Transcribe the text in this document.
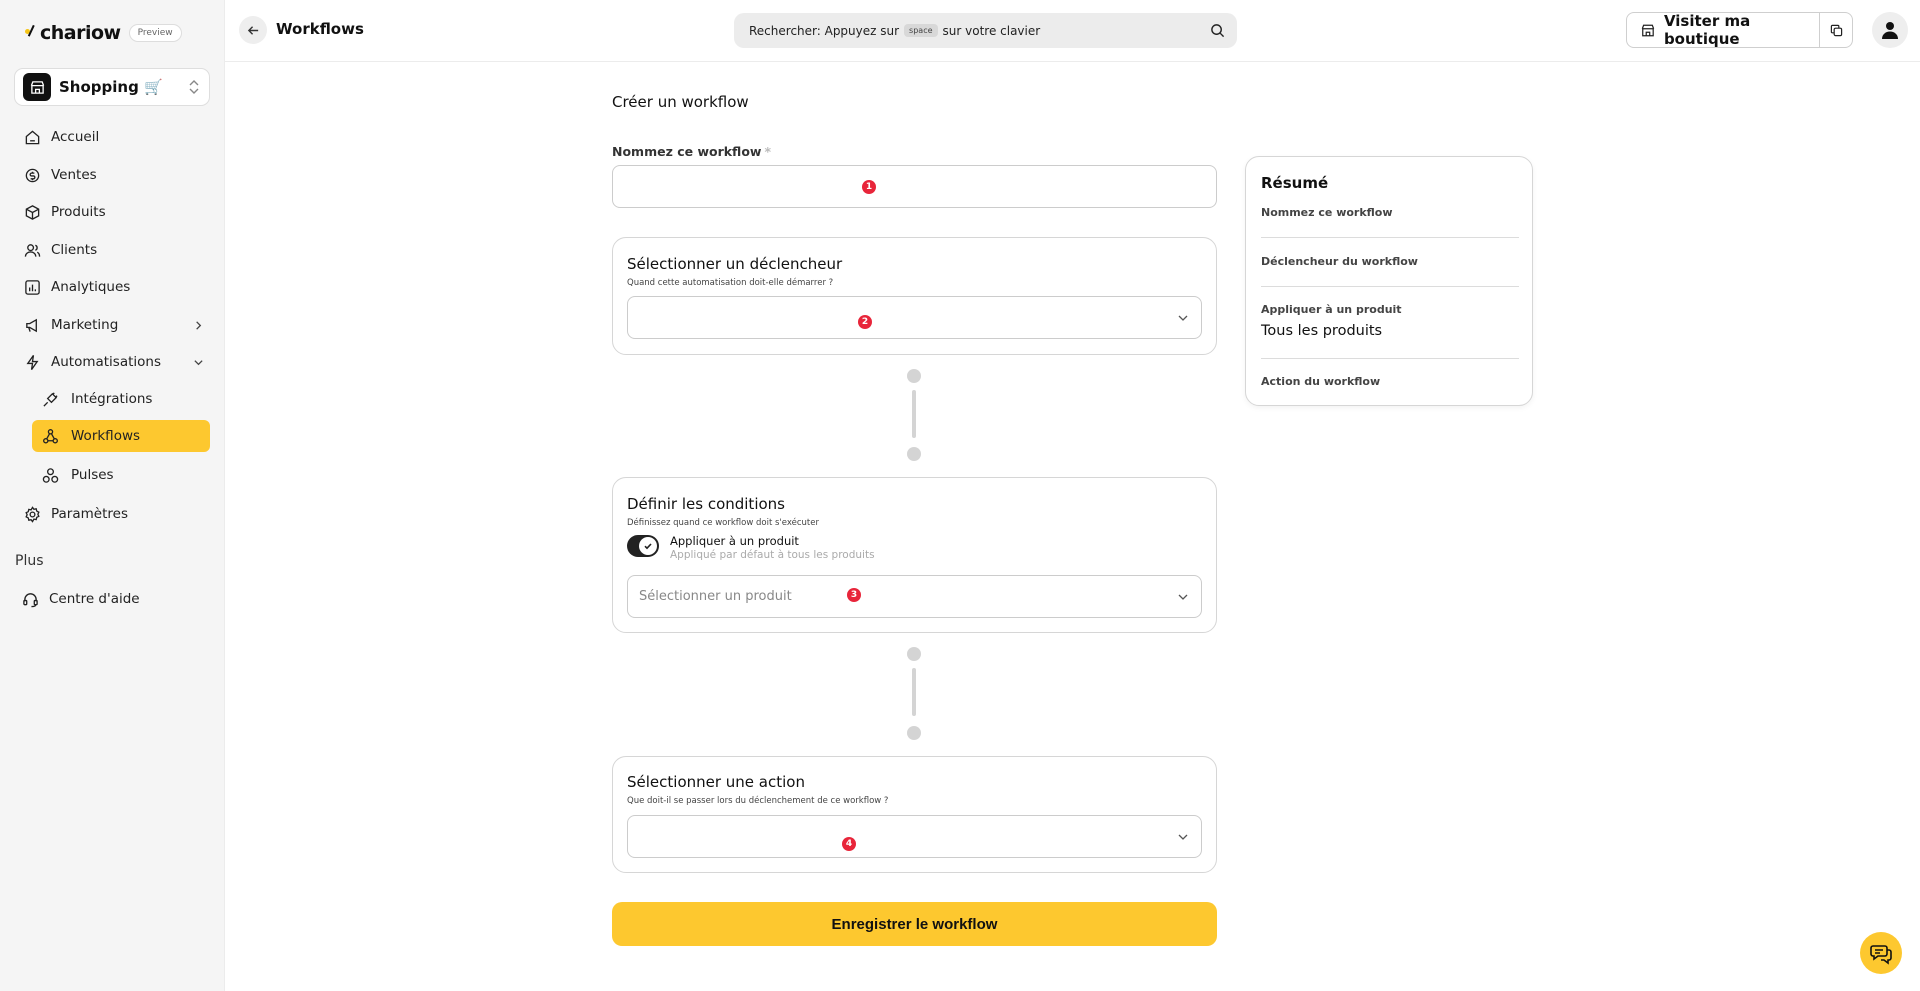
chariow	Preview
Shopping 🛒
Accueil
Ventes
Produits
Clients
Analytiques
Marketing
Automatisations
Intégrations
Workflows
Pulses
Paramètres
Plus
Centre d'aide
Workflows	Rechercher: Appuyez sur	space sur votre clavier
Visiter ma boutique
Créer un workflow
Nommez ce workflow *
1
Sélectionner un déclencheur
Quand cette automatisation doit-elle démarrer ?
2
Définir les conditions
Définissez quand ce workflow doit s'exécuter
Appliquer à un produit
Appliqué par défaut à tous les produits
Sélectionner un produit	3
Sélectionner une action
Que doit-il se passer lors du déclenchement de ce workflow ?
4
Enregistrer le workflow
Résumé
Nommez ce workflow
Déclencheur du workflow
Appliquer à un produit
Tous les produits
Action du workflow
